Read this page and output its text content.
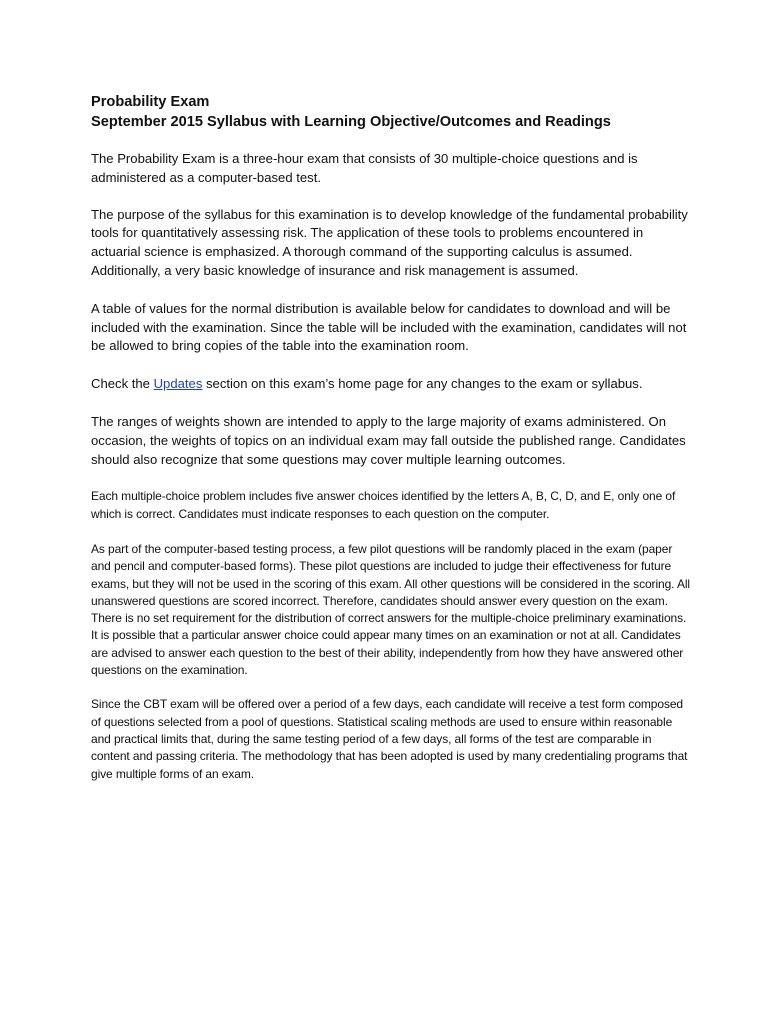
Probability Exam
September 2015 Syllabus with Learning Objective/Outcomes and Readings

The Probability Exam is a three-hour exam that consists of 30 multiple-choice questions and is administered as a computer-based test.

The purpose of the syllabus for this examination is to develop knowledge of the fundamental probability tools for quantitatively assessing risk. The application of these tools to problems encountered in actuarial science is emphasized. A thorough command of the supporting calculus is assumed. Additionally, a very basic knowledge of insurance and risk management is assumed.

A table of values for the normal distribution is available below for candidates to download and will be included with the examination. Since the table will be included with the examination, candidates will not be allowed to bring copies of the table into the examination room.

Check the Updates section on this exam’s home page for any changes to the exam or syllabus.

The ranges of weights shown are intended to apply to the large majority of exams administered. On occasion, the weights of topics on an individual exam may fall outside the published range. Candidates should also recognize that some questions may cover multiple learning outcomes.

Each multiple-choice problem includes five answer choices identified by the letters A, B, C, D, and E, only one of which is correct. Candidates must indicate responses to each question on the computer.

As part of the computer-based testing process, a few pilot questions will be randomly placed in the exam (paper and pencil and computer-based forms). These pilot questions are included to judge their effectiveness for future exams, but they will not be used in the scoring of this exam. All other questions will be considered in the scoring. All unanswered questions are scored incorrect. Therefore, candidates should answer every question on the exam. There is no set requirement for the distribution of correct answers for the multiple-choice preliminary examinations. It is possible that a particular answer choice could appear many times on an examination or not at all. Candidates are advised to answer each question to the best of their ability, independently from how they have answered other questions on the examination.

Since the CBT exam will be offered over a period of a few days, each candidate will receive a test form composed of questions selected from a pool of questions. Statistical scaling methods are used to ensure within reasonable and practical limits that, during the same testing period of a few days, all forms of the test are comparable in content and passing criteria. The methodology that has been adopted is used by many credentialing programs that give multiple forms of an exam.
